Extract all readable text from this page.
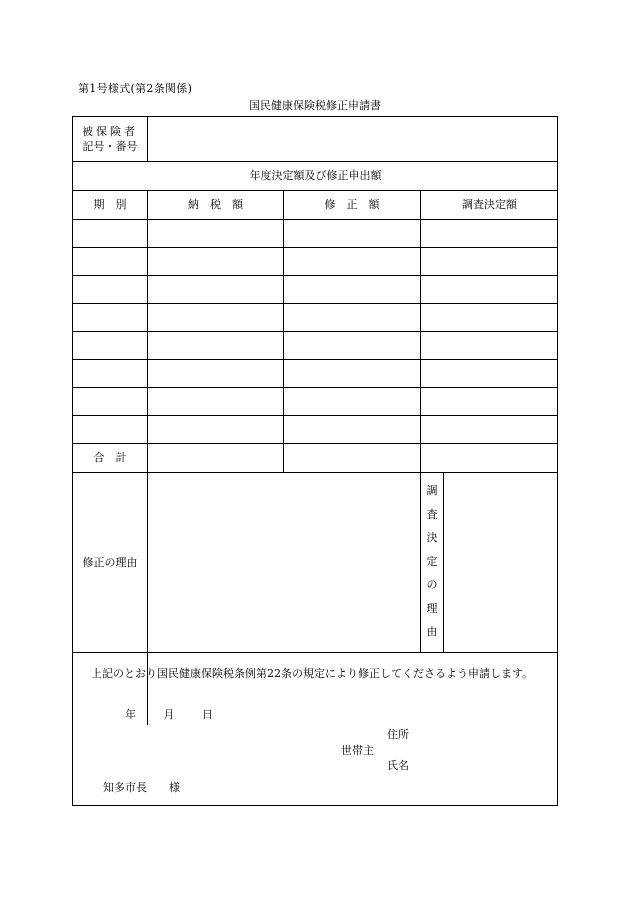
第1号様式(第2条関係)
国民健康保険税修正申請書
被保険者
記号・番号
年度決定額及び修正申出額
期　別	納　税　額	修　正　額	調査決定額
合　計
修正の理由
調
査
決
定
の
理
由
上記のとおり国民健康保険税条例第22条の規定により修正してくださるよう申請します。
年	月	日
住所
世帯主
氏名
知多市長 様
